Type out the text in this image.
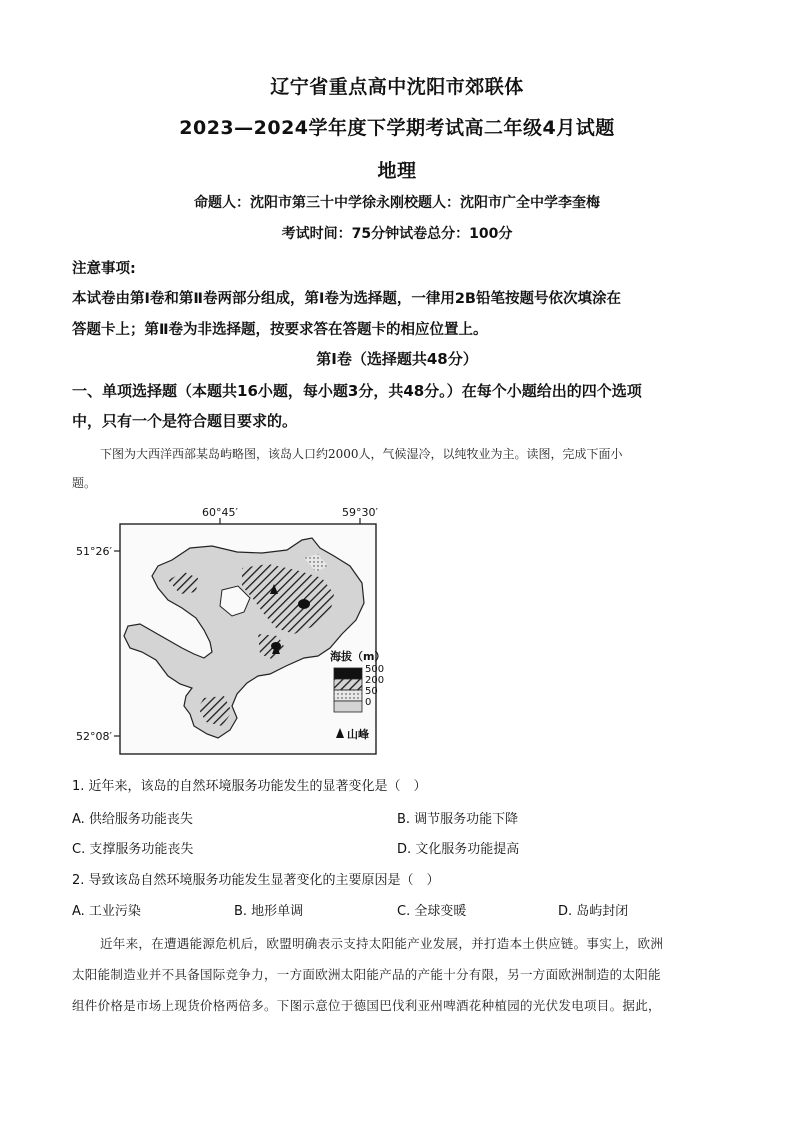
辽宁省重点高中沈阳市郊联体
2023—2024学年度下学期考试高二年级4月试题
地理
命题人：沈阳市第三十中学徐永刚校题人：沈阳市广全中学李奎梅
考试时间：75分钟试卷总分：100分
注意事项:
本试卷由第Ⅰ卷和第Ⅱ卷两部分组成，第Ⅰ卷为选择题，一律用2B铅笔按题号依次填涂在
答题卡上；第Ⅱ卷为非选择题，按要求答在答题卡的相应位置上。
第Ⅰ卷（选择题共48分）
一、单项选择题（本题共16小题，每小题3分，共48分。）在每个小题给出的四个选项
中，只有一个是符合题目要求的。
下图为大西洋西部某岛屿略图，该岛人口约2000人，气候湿冷，以纯牧业为主。读图，完成下面小
题。
60°45′	59°30′
51°26′
52°08′
海拔（m）
500
200
50
0
山峰
1. 近年来，该岛的自然环境服务功能发生的显著变化是（　）
A. 供给服务功能丧失	B. 调节服务功能下降
C. 支撑服务功能丧失	D. 文化服务功能提高
2. 导致该岛自然环境服务功能发生显著变化的主要原因是（　）
A. 工业污染	B. 地形单调	C. 全球变暖	D. 岛屿封闭
近年来，在遭遇能源危机后，欧盟明确表示支持太阳能产业发展，并打造本土供应链。事实上，欧洲
太阳能制造业并不具备国际竞争力，一方面欧洲太阳能产品的产能十分有限，另一方面欧洲制造的太阳能
组件价格是市场上现货价格两倍多。下图示意位于德国巴伐利亚州啤酒花种植园的光伏发电项目。据此，
